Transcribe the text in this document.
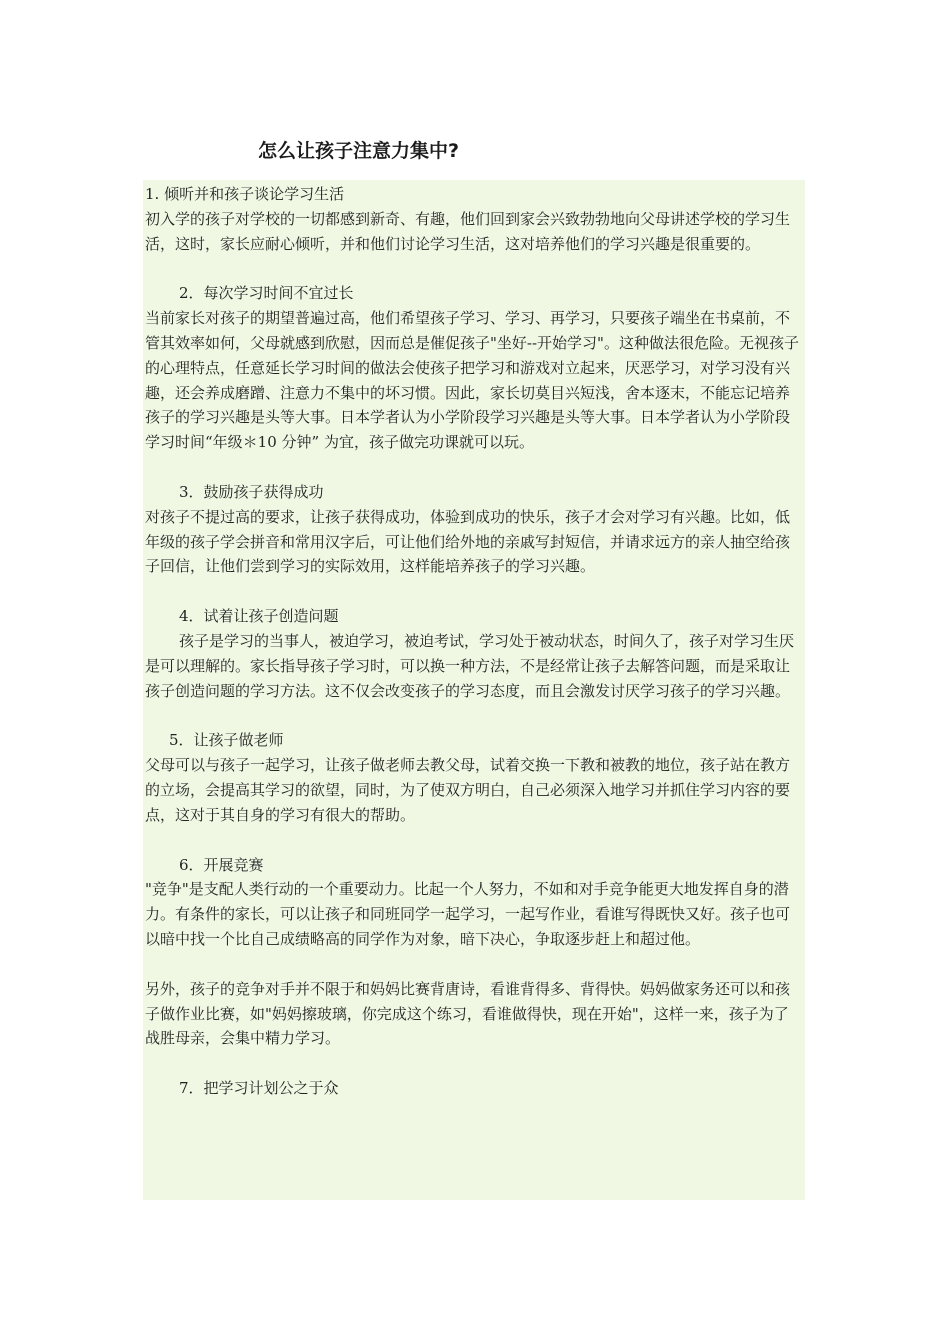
怎么让孩子注意力集中?

1. 倾听并和孩子谈论学习生活

初入学的孩子对学校的一切都感到新奇、有趣，他们回到家会兴致勃勃地向父母讲述学校的学习生活，这时，家长应耐心倾听，并和他们讨论学习生活，这对培养他们的学习兴趣是很重要的。

2．每次学习时间不宜过长

当前家长对孩子的期望普遍过高，他们希望孩子学习、学习、再学习，只要孩子端坐在书桌前，不管其效率如何，父母就感到欣慰，因而总是催促孩子"坐好--开始学习"。这种做法很危险。无视孩子的心理特点，任意延长学习时间的做法会使孩子把学习和游戏对立起来，厌恶学习，对学习没有兴趣，还会养成磨蹭、注意力不集中的坏习惯。因此，家长切莫目兴短浅，舍本逐末，不能忘记培养孩子的学习兴趣是头等大事。日本学者认为小学阶段学习兴趣是头等大事。日本学者认为小学阶段学习时间“年级＊10 分钟” 为宜，孩子做完功课就可以玩。

3．鼓励孩子获得成功

对孩子不提过高的要求，让孩子获得成功，体验到成功的快乐，孩子才会对学习有兴趣。比如，低年级的孩子学会拼音和常用汉字后，可让他们给外地的亲戚写封短信，并请求远方的亲人抽空给孩子回信，让他们尝到学习的实际效用，这样能培养孩子的学习兴趣。

4．试着让孩子创造问题

孩子是学习的当事人，被迫学习，被迫考试，学习处于被动状态，时间久了，孩子对学习生厌是可以理解的。家长指导孩子学习时，可以换一种方法，不是经常让孩子去解答问题，而是采取让孩子创造问题的学习方法。这不仅会改变孩子的学习态度，而且会激发讨厌学习孩子的学习兴趣。

5．让孩子做老师

父母可以与孩子一起学习，让孩子做老师去教父母，试着交换一下教和被教的地位，孩子站在教方的立场，会提高其学习的欲望，同时，为了使双方明白，自己必须深入地学习并抓住学习内容的要点，这对于其自身的学习有很大的帮助。

6．开展竞赛

"竞争"是支配人类行动的一个重要动力。比起一个人努力，不如和对手竞争能更大地发挥自身的潜力。有条件的家长，可以让孩子和同班同学一起学习，一起写作业，看谁写得既快又好。孩子也可以暗中找一个比自己成绩略高的同学作为对象，暗下决心，争取逐步赶上和超过他。

另外，孩子的竞争对手并不限于和妈妈比赛背唐诗，看谁背得多、背得快。妈妈做家务还可以和孩子做作业比赛，如"妈妈擦玻璃，你完成这个练习，看谁做得快，现在开始"，这样一来，孩子为了战胜母亲，会集中精力学习。

7．把学习计划公之于众
